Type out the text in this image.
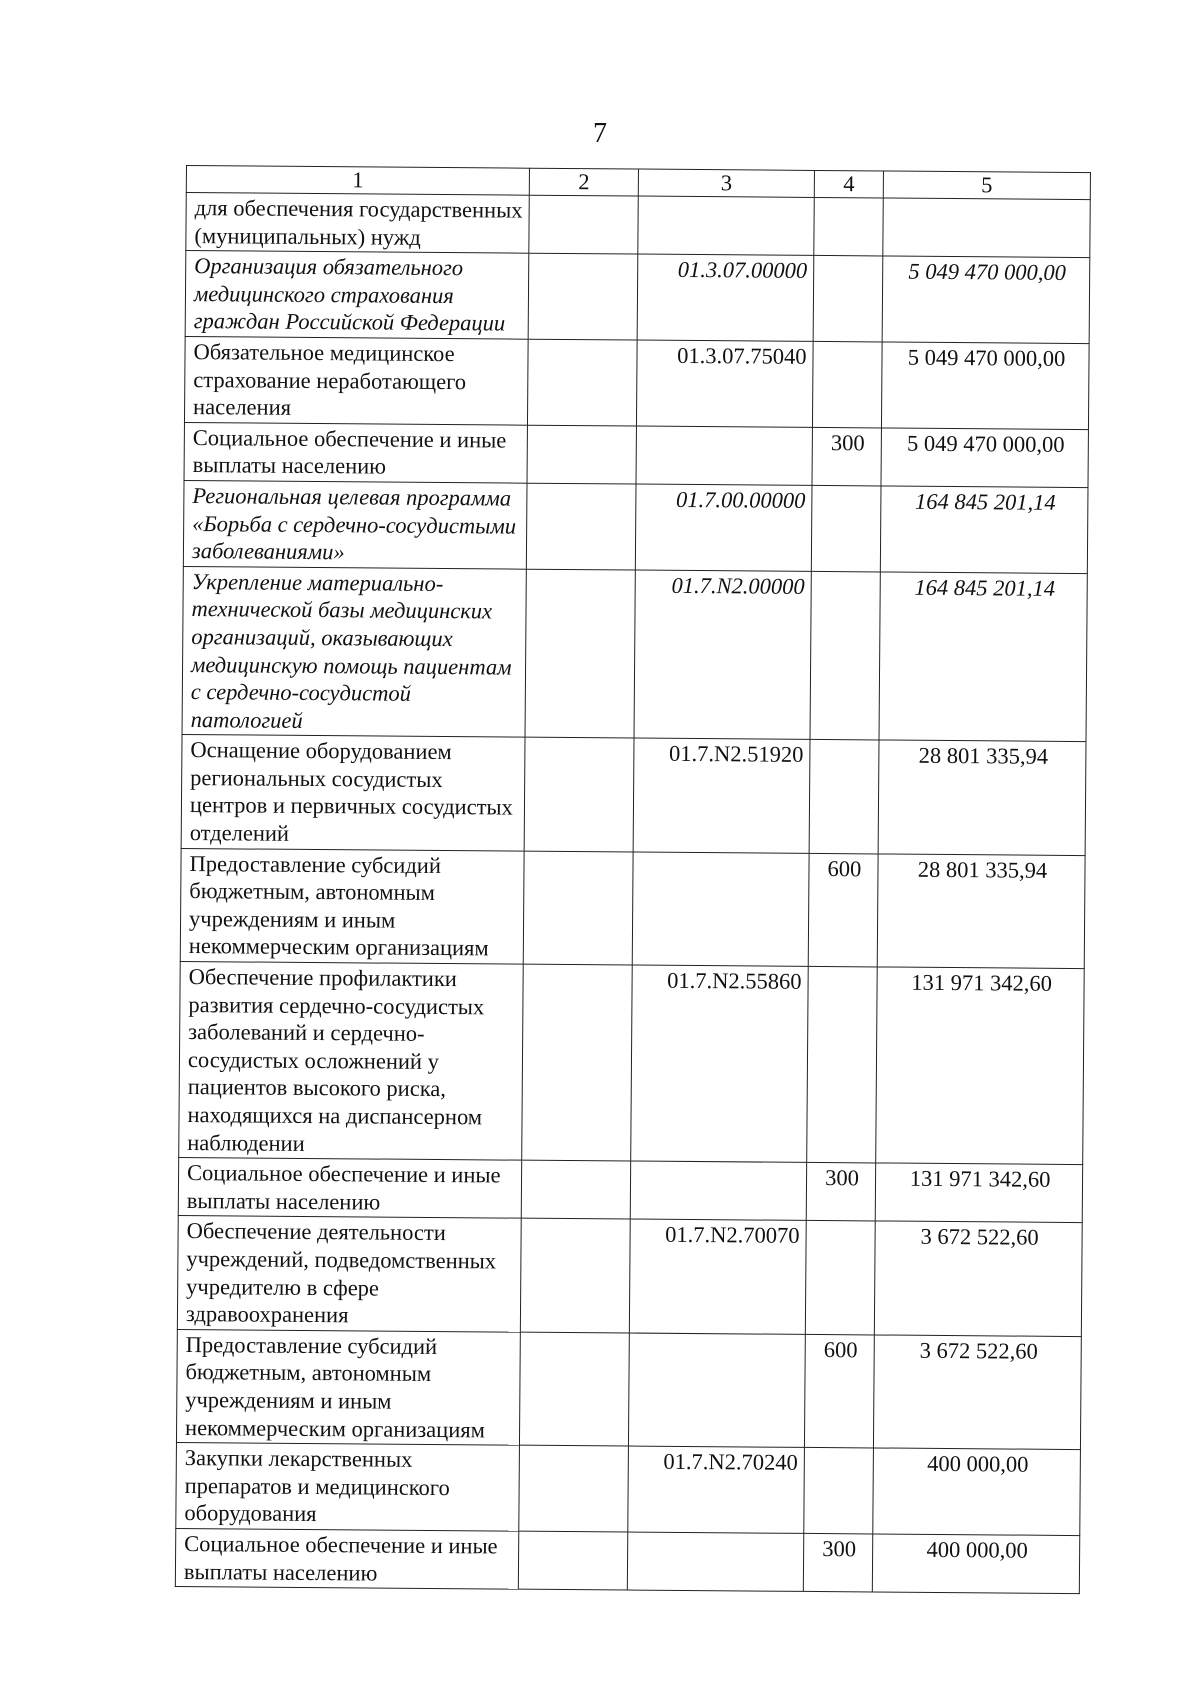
7
1	2	3	4	5
для обеспечения государственных (муниципальных) нужд				
Организация обязательного медицинского страхования граждан Российской Федерации		01.3.07.00000		5 049 470 000,00
Обязательное медицинское страхование неработающего населения		01.3.07.75040		5 049 470 000,00
Социальное обеспечение и иные выплаты населению			300	5 049 470 000,00
Региональная целевая программа «Борьба с сердечно-сосудистыми заболеваниями»		01.7.00.00000		164 845 201,14
Укрепление материально-технической базы медицинских организаций, оказывающих медицинскую помощь пациентам с сердечно-сосудистой патологией		01.7.N2.00000		164 845 201,14
Оснащение оборудованием региональных сосудистых центров и первичных сосудистых отделений		01.7.N2.51920		28 801 335,94
Предоставление субсидий бюджетным, автономным учреждениям и иным некоммерческим организациям			600	28 801 335,94
Обеспечение профилактики развития сердечно-сосудистых заболеваний и сердечно-сосудистых осложнений у пациентов высокого риска, находящихся на диспансерном наблюдении		01.7.N2.55860		131 971 342,60
Социальное обеспечение и иные выплаты населению			300	131 971 342,60
Обеспечение деятельности учреждений, подведомственных учредителю в сфере здравоохранения		01.7.N2.70070		3 672 522,60
Предоставление субсидий бюджетным, автономным учреждениям и иным некоммерческим организациям			600	3 672 522,60
Закупки лекарственных препаратов и медицинского оборудования		01.7.N2.70240		400 000,00
Социальное обеспечение и иные выплаты населению			300	400 000,00
